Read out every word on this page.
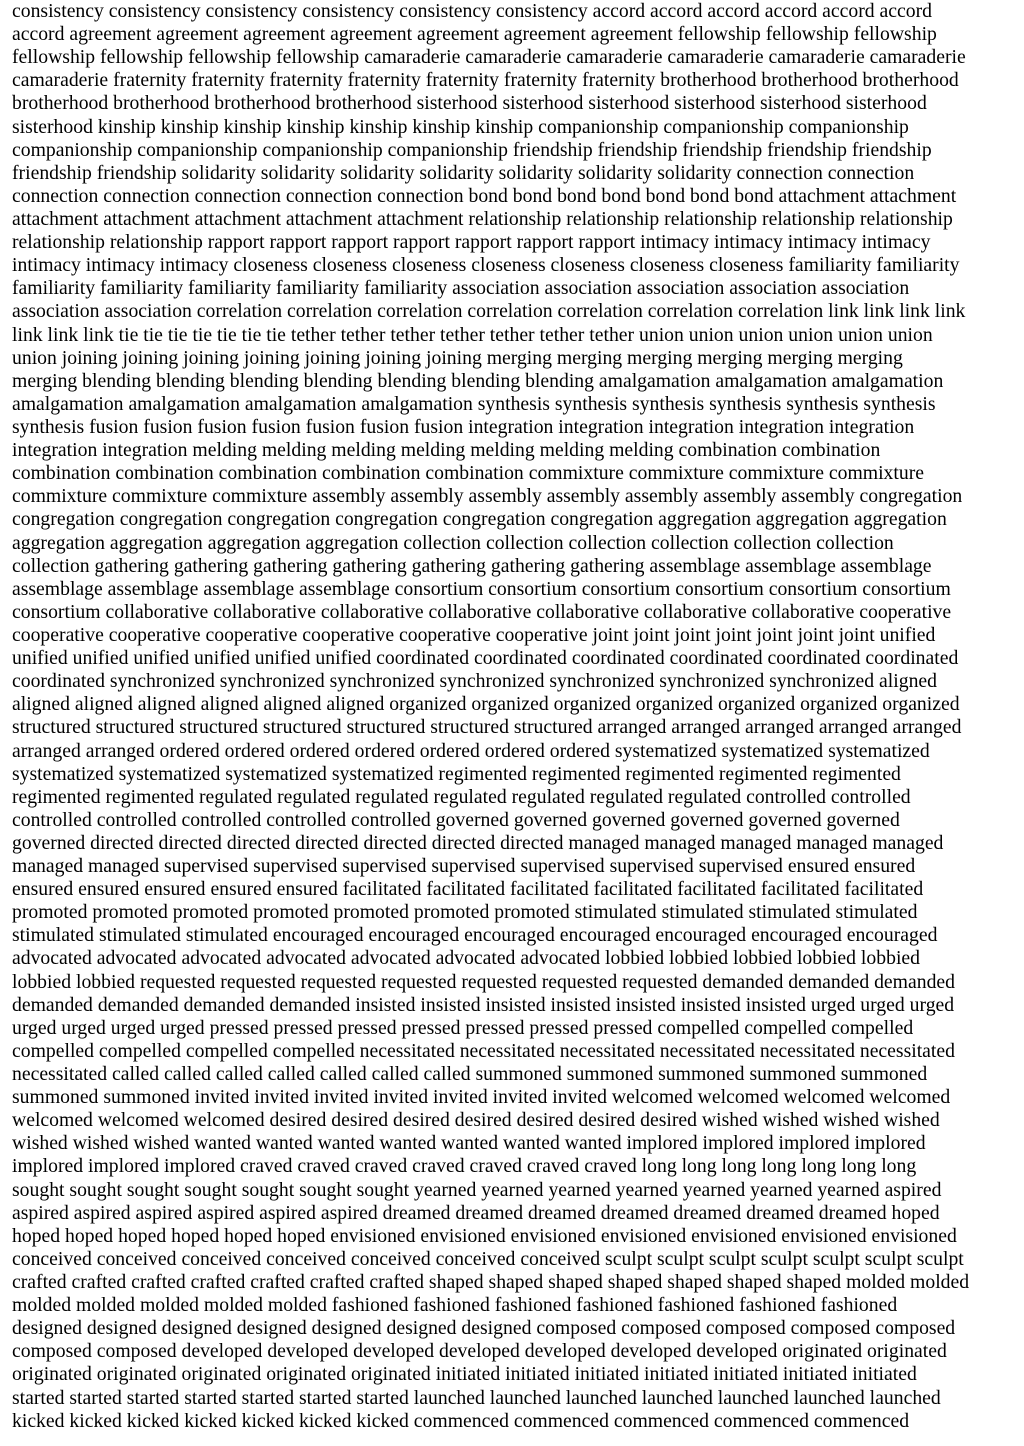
consistency consistency consistency consistency consistency consistency accord accord accord accord accord accord
accord agreement agreement agreement agreement agreement agreement agreement fellowship fellowship fellowship
fellowship fellowship fellowship fellowship camaraderie camaraderie camaraderie camaraderie camaraderie camaraderie
camaraderie fraternity fraternity fraternity fraternity fraternity fraternity fraternity brotherhood brotherhood brotherhood
brotherhood brotherhood brotherhood brotherhood sisterhood sisterhood sisterhood sisterhood sisterhood sisterhood
sisterhood kinship kinship kinship kinship kinship kinship kinship companionship companionship companionship
companionship companionship companionship companionship friendship friendship friendship friendship friendship
friendship friendship solidarity solidarity solidarity solidarity solidarity solidarity solidarity connection connection
connection connection connection connection connection bond bond bond bond bond bond bond attachment attachment
attachment attachment attachment attachment attachment relationship relationship relationship relationship relationship
relationship relationship rapport rapport rapport rapport rapport rapport rapport intimacy intimacy intimacy intimacy
intimacy intimacy intimacy closeness closeness closeness closeness closeness closeness closeness familiarity familiarity
familiarity familiarity familiarity familiarity familiarity association association association association association
association association correlation correlation correlation correlation correlation correlation correlation link link link link
link link link tie tie tie tie tie tie tie tether tether tether tether tether tether tether union union union union union union
union joining joining joining joining joining joining joining merging merging merging merging merging merging
merging blending blending blending blending blending blending blending amalgamation amalgamation amalgamation
amalgamation amalgamation amalgamation amalgamation synthesis synthesis synthesis synthesis synthesis synthesis
synthesis fusion fusion fusion fusion fusion fusion fusion integration integration integration integration integration
integration integration melding melding melding melding melding melding melding combination combination
combination combination combination combination combination commixture commixture commixture commixture
commixture commixture commixture assembly assembly assembly assembly assembly assembly assembly congregation
congregation congregation congregation congregation congregation congregation aggregation aggregation aggregation
aggregation aggregation aggregation aggregation collection collection collection collection collection collection
collection gathering gathering gathering gathering gathering gathering gathering assemblage assemblage assemblage
assemblage assemblage assemblage assemblage consortium consortium consortium consortium consortium consortium
consortium collaborative collaborative collaborative collaborative collaborative collaborative collaborative cooperative
cooperative cooperative cooperative cooperative cooperative cooperative joint joint joint joint joint joint joint unified
unified unified unified unified unified unified coordinated coordinated coordinated coordinated coordinated coordinated
coordinated synchronized synchronized synchronized synchronized synchronized synchronized synchronized aligned
aligned aligned aligned aligned aligned aligned organized organized organized organized organized organized organized
structured structured structured structured structured structured structured arranged arranged arranged arranged arranged
arranged arranged ordered ordered ordered ordered ordered ordered ordered systematized systematized systematized
systematized systematized systematized systematized regimented regimented regimented regimented regimented
regimented regimented regulated regulated regulated regulated regulated regulated regulated controlled controlled
controlled controlled controlled controlled controlled governed governed governed governed governed governed
governed directed directed directed directed directed directed directed managed managed managed managed managed
managed managed supervised supervised supervised supervised supervised supervised supervised ensured ensured
ensured ensured ensured ensured ensured facilitated facilitated facilitated facilitated facilitated facilitated facilitated
promoted promoted promoted promoted promoted promoted promoted stimulated stimulated stimulated stimulated
stimulated stimulated stimulated encouraged encouraged encouraged encouraged encouraged encouraged encouraged
advocated advocated advocated advocated advocated advocated advocated lobbied lobbied lobbied lobbied lobbied
lobbied lobbied requested requested requested requested requested requested requested demanded demanded demanded
demanded demanded demanded demanded insisted insisted insisted insisted insisted insisted insisted urged urged urged
urged urged urged urged pressed pressed pressed pressed pressed pressed pressed compelled compelled compelled
compelled compelled compelled compelled necessitated necessitated necessitated necessitated necessitated necessitated
necessitated called called called called called called called summoned summoned summoned summoned summoned
summoned summoned invited invited invited invited invited invited invited welcomed welcomed welcomed welcomed
welcomed welcomed welcomed desired desired desired desired desired desired desired wished wished wished wished
wished wished wished wanted wanted wanted wanted wanted wanted wanted implored implored implored implored
implored implored implored craved craved craved craved craved craved craved long long long long long long long
sought sought sought sought sought sought sought yearned yearned yearned yearned yearned yearned yearned aspired
aspired aspired aspired aspired aspired aspired dreamed dreamed dreamed dreamed dreamed dreamed dreamed hoped
hoped hoped hoped hoped hoped hoped envisioned envisioned envisioned envisioned envisioned envisioned envisioned
conceived conceived conceived conceived conceived conceived conceived sculpt sculpt sculpt sculpt sculpt sculpt sculpt
crafted crafted crafted crafted crafted crafted crafted shaped shaped shaped shaped shaped shaped shaped molded molded
molded molded molded molded molded fashioned fashioned fashioned fashioned fashioned fashioned fashioned
designed designed designed designed designed designed designed composed composed composed composed composed
composed composed developed developed developed developed developed developed developed originated originated
originated originated originated originated originated initiated initiated initiated initiated initiated initiated initiated
started started started started started started started launched launched launched launched launched launched launched
kicked kicked kicked kicked kicked kicked kicked commenced commenced commenced commenced commenced
